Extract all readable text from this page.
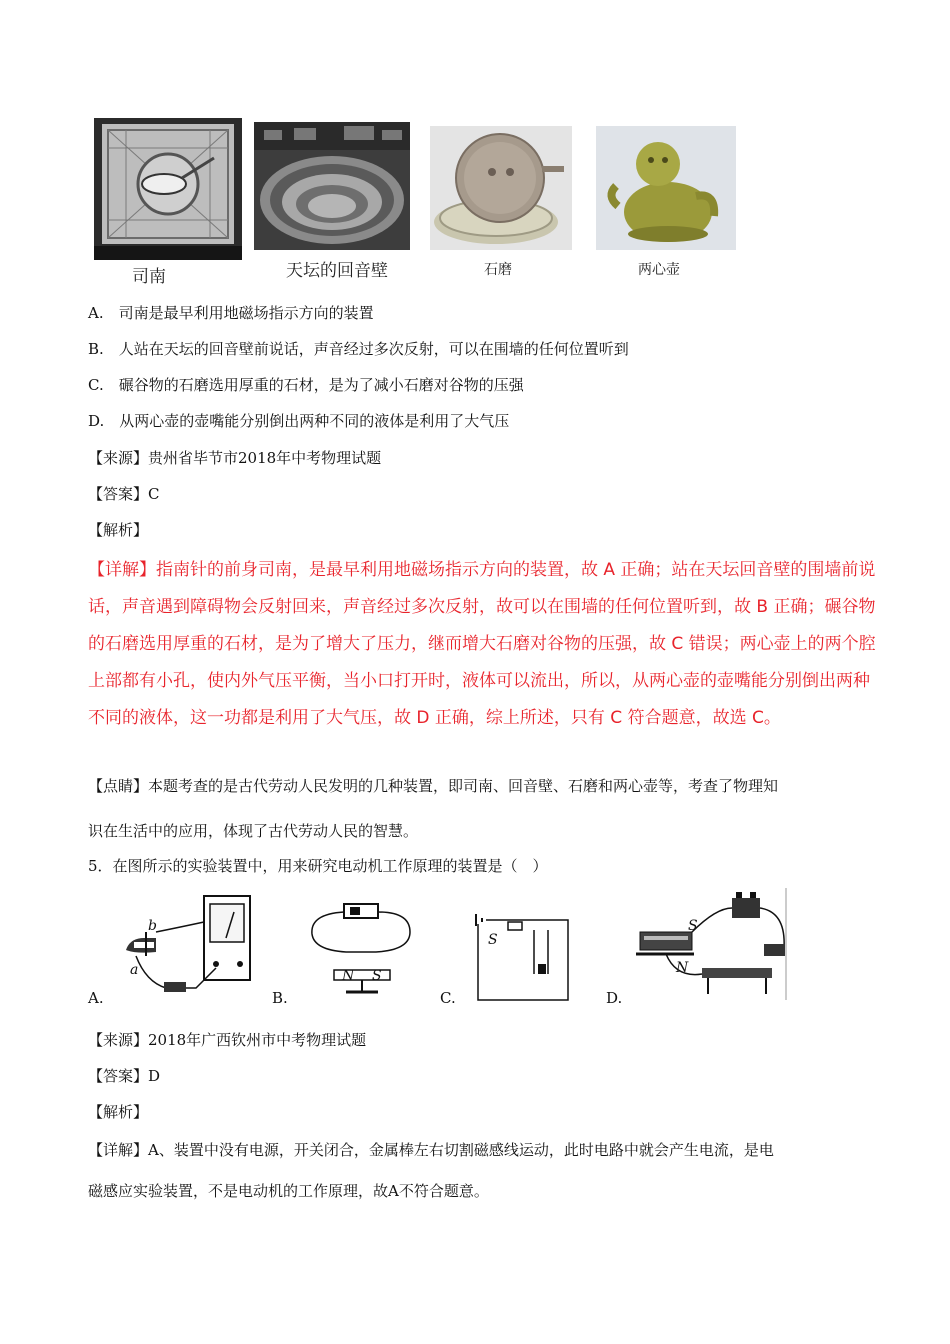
司南	天坛的回音壁	石磨	两心壶
A.　司南是最早利用地磁场指示方向的装置
B.　人站在天坛的回音壁前说话，声音经过多次反射，可以在围墙的任何位置听到
C.　碾谷物的石磨选用厚重的石材，是为了减小石磨对谷物的压强
D.　从两心壶的壶嘴能分别倒出两种不同的液体是利用了大气压
【来源】贵州省毕节市2018年中考物理试题
【答案】C
【解析】
【详解】指南针的前身司南，是最早利用地磁场指示方向的装置，故 A 正确；站在天坛回音壁的围墙前说
话，声音遇到障碍物会反射回来，声音经过多次反射，故可以在围墙的任何位置听到，故 B 正确；碾谷物
的石磨选用厚重的石材，是为了增大了压力，继而增大石磨对谷物的压强，故 C 错误；两心壶上的两个腔
上部都有小孔，使内外气压平衡，当小口打开时，液体可以流出，所以，从两心壶的壶嘴能分别倒出两种
不同的液体，这一功都是利用了大气压，故 D 正确，综上所述，只有 C 符合题意，故选 C。
【点睛】本题考查的是古代劳动人民发明的几种装置，即司南、回音壁、石磨和两心壶等，考查了物理知
识在生活中的应用，体现了古代劳动人民的智慧。
5．在图所示的实验装置中，用来研究电动机工作原理的装置是（　）
b
a
A.
N S
B.
S
C.
S
N
D.
【来源】2018年广西钦州市中考物理试题
【答案】D
【解析】
【详解】A、装置中没有电源，开关闭合，金属棒左右切割磁感线运动，此时电路中就会产生电流，是电
磁感应实验装置，不是电动机的工作原理，故A不符合题意。
